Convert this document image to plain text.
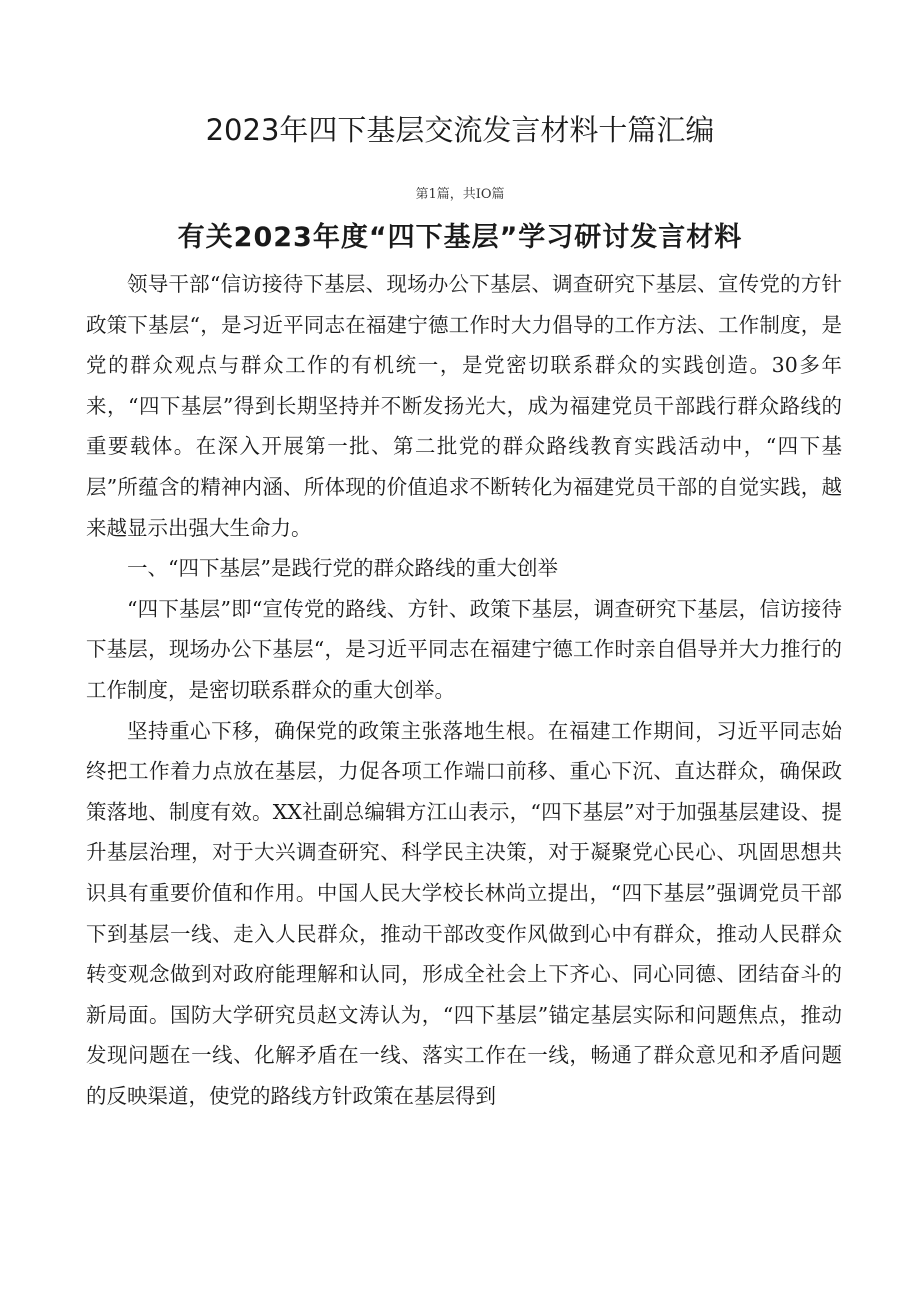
2023年四下基层交流发言材料十篇汇编
第1篇，共IO篇
有关2023年度“四下基层”学习研讨发言材料

领导干部“信访接待下基层、现场办公下基层、调查研究下基层、宣传党的方针政策下基层“，是习近平同志在福建宁德工作时大力倡导的工作方法、工作制度，是党的群众观点与群众工作的有机统一，是党密切联系群众的实践创造。30多年来，“四下基层”得到长期坚持并不断发扬光大，成为福建党员干部践行群众路线的重要载体。在深入开展第一批、第二批党的群众路线教育实践活动中，“四下基层”所蕴含的精神内涵、所体现的价值追求不断转化为福建党员干部的自觉实践，越来越显示出强大生命力。

一、“四下基层”是践行党的群众路线的重大创举

“四下基层”即“宣传党的路线、方针、政策下基层，调查研究下基层，信访接待下基层，现场办公下基层“，是习近平同志在福建宁德工作时亲自倡导并大力推行的工作制度，是密切联系群众的重大创举。

坚持重心下移，确保党的政策主张落地生根。在福建工作期间，习近平同志始终把工作着力点放在基层，力促各项工作端口前移、重心下沉、直达群众，确保政策落地、制度有效。XX社副总编辑方江山表示，“四下基层”对于加强基层建设、提升基层治理，对于大兴调查研究、科学民主决策，对于凝聚党心民心、巩固思想共识具有重要价值和作用。中国人民大学校长林尚立提出，“四下基层”强调党员干部下到基层一线、走入人民群众，推动干部改变作风做到心中有群众，推动人民群众转变观念做到对政府能理解和认同，形成全社会上下齐心、同心同德、团结奋斗的新局面。国防大学研究员赵文涛认为，“四下基层”锚定基层实际和问题焦点，推动发现问题在一线、化解矛盾在一线、落实工作在一线，畅通了群众意见和矛盾问题的反映渠道，使党的路线方针政策在基层得到
